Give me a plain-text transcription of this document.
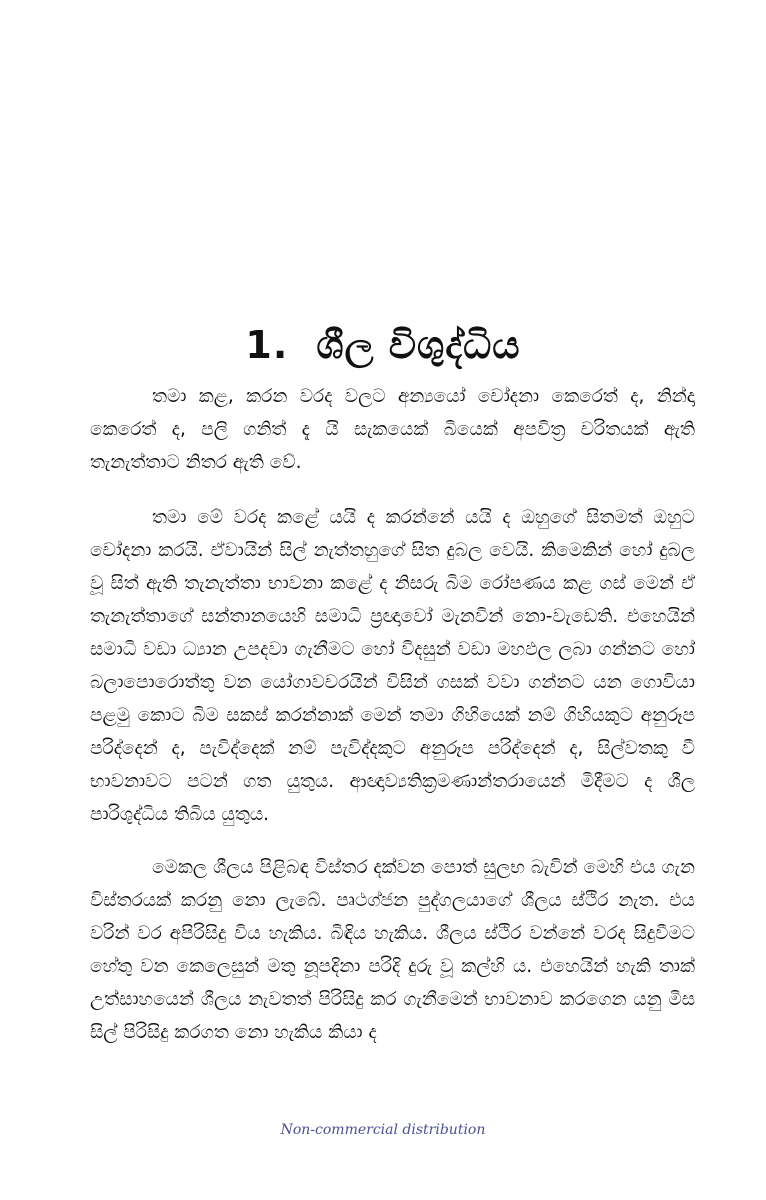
1. ශීල විශුද්ධිය

තමා කළ, කරන වරද වලට අන්‍යයෝ චෝදනා කෙරෙත් ද, නින්දා කෙරෙත් ද, පලි ගනිත් දැ යි සැකයෙක් බියෙක් අපවිත්‍ර චරිතයක් ඇති තැනැත්තාට නිතර ඇති වේ.

තමා මේ වරද කළේ යයි ද කරන්නේ යයි ද ඔහුගේ සිතමත් ඔහුට චෝදනා කරයි. ඒවායින් සිල් නැත්තහුගේ සිත දුබල වෙයි. කිමෙකින් හෝ දුබල වූ සිත් ඇති තැනැත්තා භාවනා කළේ ද නිසරු බිම රෝපණය කළ ගස් මෙන් ඒ තැනැත්තාගේ සන්තානයෙහි සමාධි ප්‍රඥාවෝ මැනවින් නො-වැඩෙති. එහෙයින් සමාධි වඩා ධ්‍යාන උපදවා ගැනීමට හෝ විදසුන් වඩා මහඵල ලබා ගන්නට හෝ බලාපොරොත්තු වන යෝගාවචරයින් විසින් ගසක් වවා ගන්නට යන ගොවියා පළමු කොට බිම සකස් කරන්නාක් මෙන් තමා ගිහියෙක් නම් ගිහියකුට අනුරූප පරිද්දෙන් ද, පැවිද්දෙක් නම් පැවිද්දකුට අනුරූප පරිද්දෙන් ද, සිල්වතකු වී භාවනාවට පටන් ගත යුතුය. ආඥාව්‍යතික්‍රමණාන්තරායෙන් මිදීමට ද ශීල පාරිශුද්ධිය තිබිය යුතුය.

මෙකල ශීලය පිළිබඳ විස්තර දක්වන පොත් සුලභ බැවින් මෙහි එය ගැන විස්තරයක් කරනු නො ලැබේ. පෘථග්ජන පුද්ගලයාගේ ශීලය ස්ථිර නැත. එය වරින් වර අපිරිසිදු විය හැකිය. බිඳිය හැකිය. ශීලය ස්ථිර වන්නේ වරද සිදුවීමට හේතු වන කෙලෙසුන් මතු නූපදිනා පරිදි දුරු වූ කල්හි ය. එහෙයින් හැකි තාක් උත්සාහයෙන් ශීලය නැවතත් පිරිසිදු කර ගැනීමෙන් භාවනාව කරගෙන යනු මිස සිල් පිරිසිදු කරගත නො හැකිය කියා ද

Non-commercial distribution
